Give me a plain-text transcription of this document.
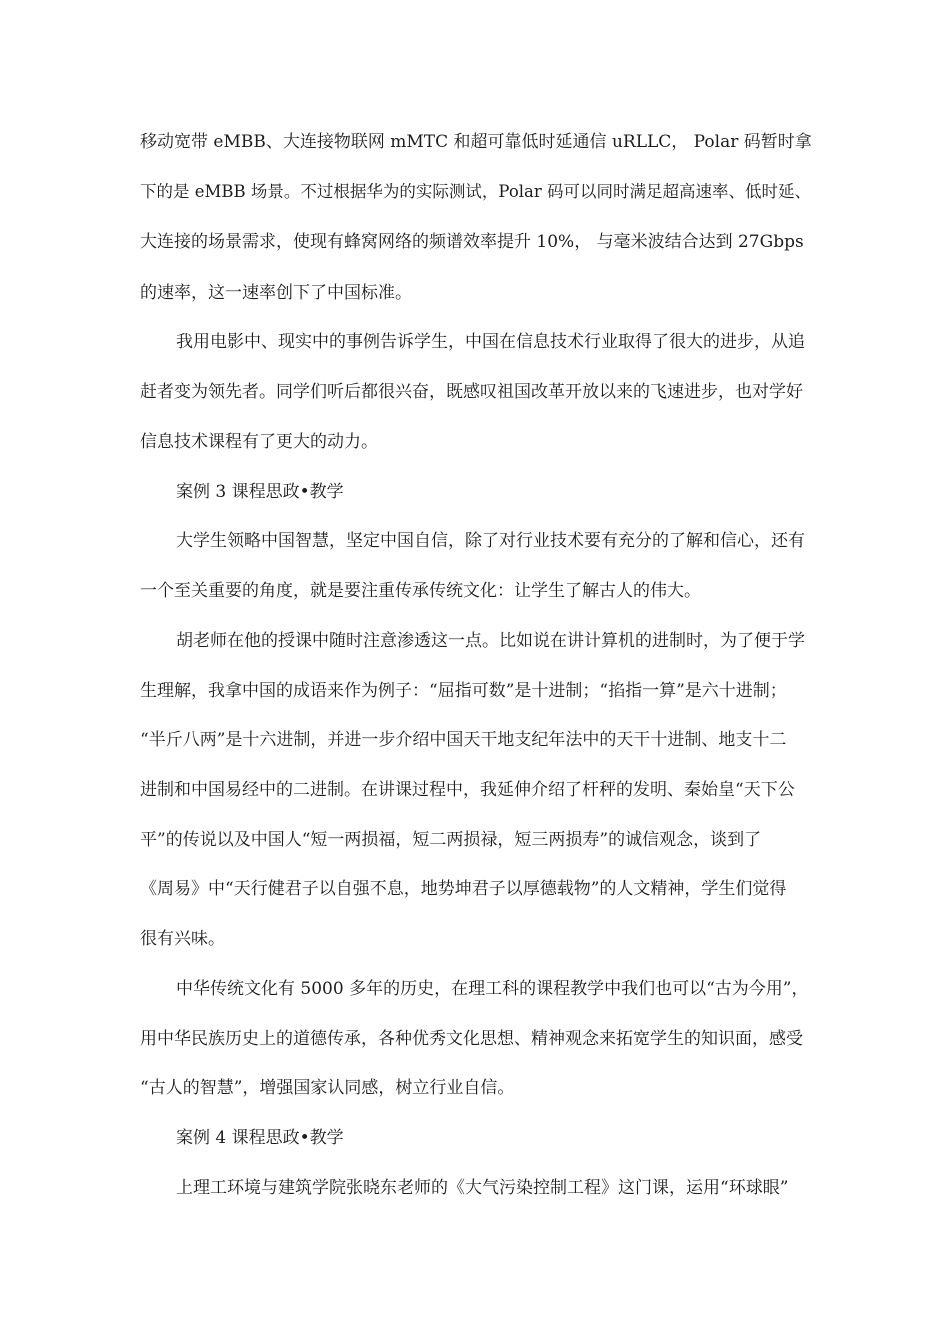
移动宽带 eMBB、大连接物联网 mMTC 和超可靠低时延通信 uRLLC， Polar 码暂时拿
下的是 eMBB 场景。不过根据华为的实际测试，Polar 码可以同时满足超高速率、低时延、
大连接的场景需求，使现有蜂窝网络的频谱效率提升 10%， 与毫米波结合达到 27Gbps
的速率，这一速率创下了中国标准。
我用电影中、现实中的事例告诉学生，中国在信息技术行业取得了很大的进步，从追
赶者变为领先者。同学们听后都很兴奋，既感叹祖国改革开放以来的飞速进步，也对学好
信息技术课程有了更大的动力。
案例 3 课程思政•教学
大学生领略中国智慧，坚定中国自信，除了对行业技术要有充分的了解和信心，还有
一个至关重要的角度，就是要注重传承传统文化：让学生了解古人的伟大。
胡老师在他的授课中随时注意渗透这一点。比如说在讲计算机的进制时，为了便于学
生理解，我拿中国的成语来作为例子：“屈指可数”是十进制；“掐指一算”是六十进制；
“半斤八两”是十六进制，并进一步介绍中国天干地支纪年法中的天干十进制、地支十二
进制和中国易经中的二进制。在讲课过程中，我延伸介绍了杆秤的发明、秦始皇“天下公
平”的传说以及中国人“短一两损福，短二两损禄，短三两损寿”的诚信观念，谈到了
《周易》中“天行健君子以自强不息，地势坤君子以厚德载物”的人文精神，学生们觉得
很有兴味。
中华传统文化有 5000 多年的历史，在理工科的课程教学中我们也可以“古为今用”，
用中华民族历史上的道德传承，各种优秀文化思想、精神观念来拓宽学生的知识面，感受
“古人的智慧”，增强国家认同感，树立行业自信。
案例 4 课程思政•教学
上理工环境与建筑学院张晓东老师的《大气污染控制工程》这门课，运用“环球眼”
